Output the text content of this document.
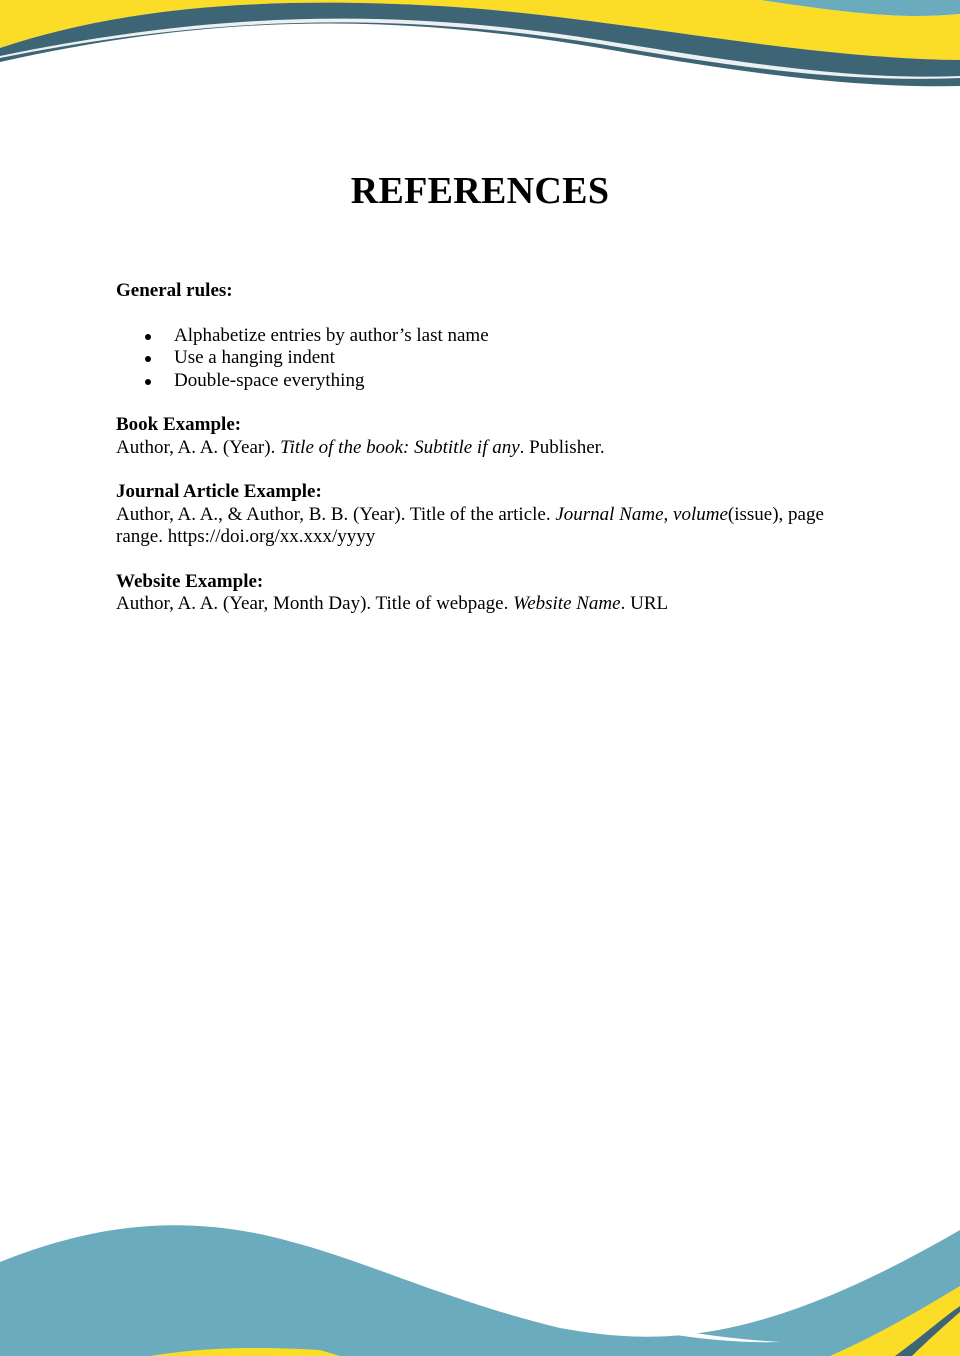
REFERENCES

General rules:

Alphabetize entries by author’s last name
Use a hanging indent
Double-space everything

Book Example:

Author, A. A. (Year). Title of the book: Subtitle if any. Publisher.

Journal Article Example:

Author, A. A., & Author, B. B. (Year). Title of the article. Journal Name, volume(issue), page range. https://doi.org/xx.xxx/yyyy

Website Example:

Author, A. A. (Year, Month Day). Title of webpage. Website Name. URL
